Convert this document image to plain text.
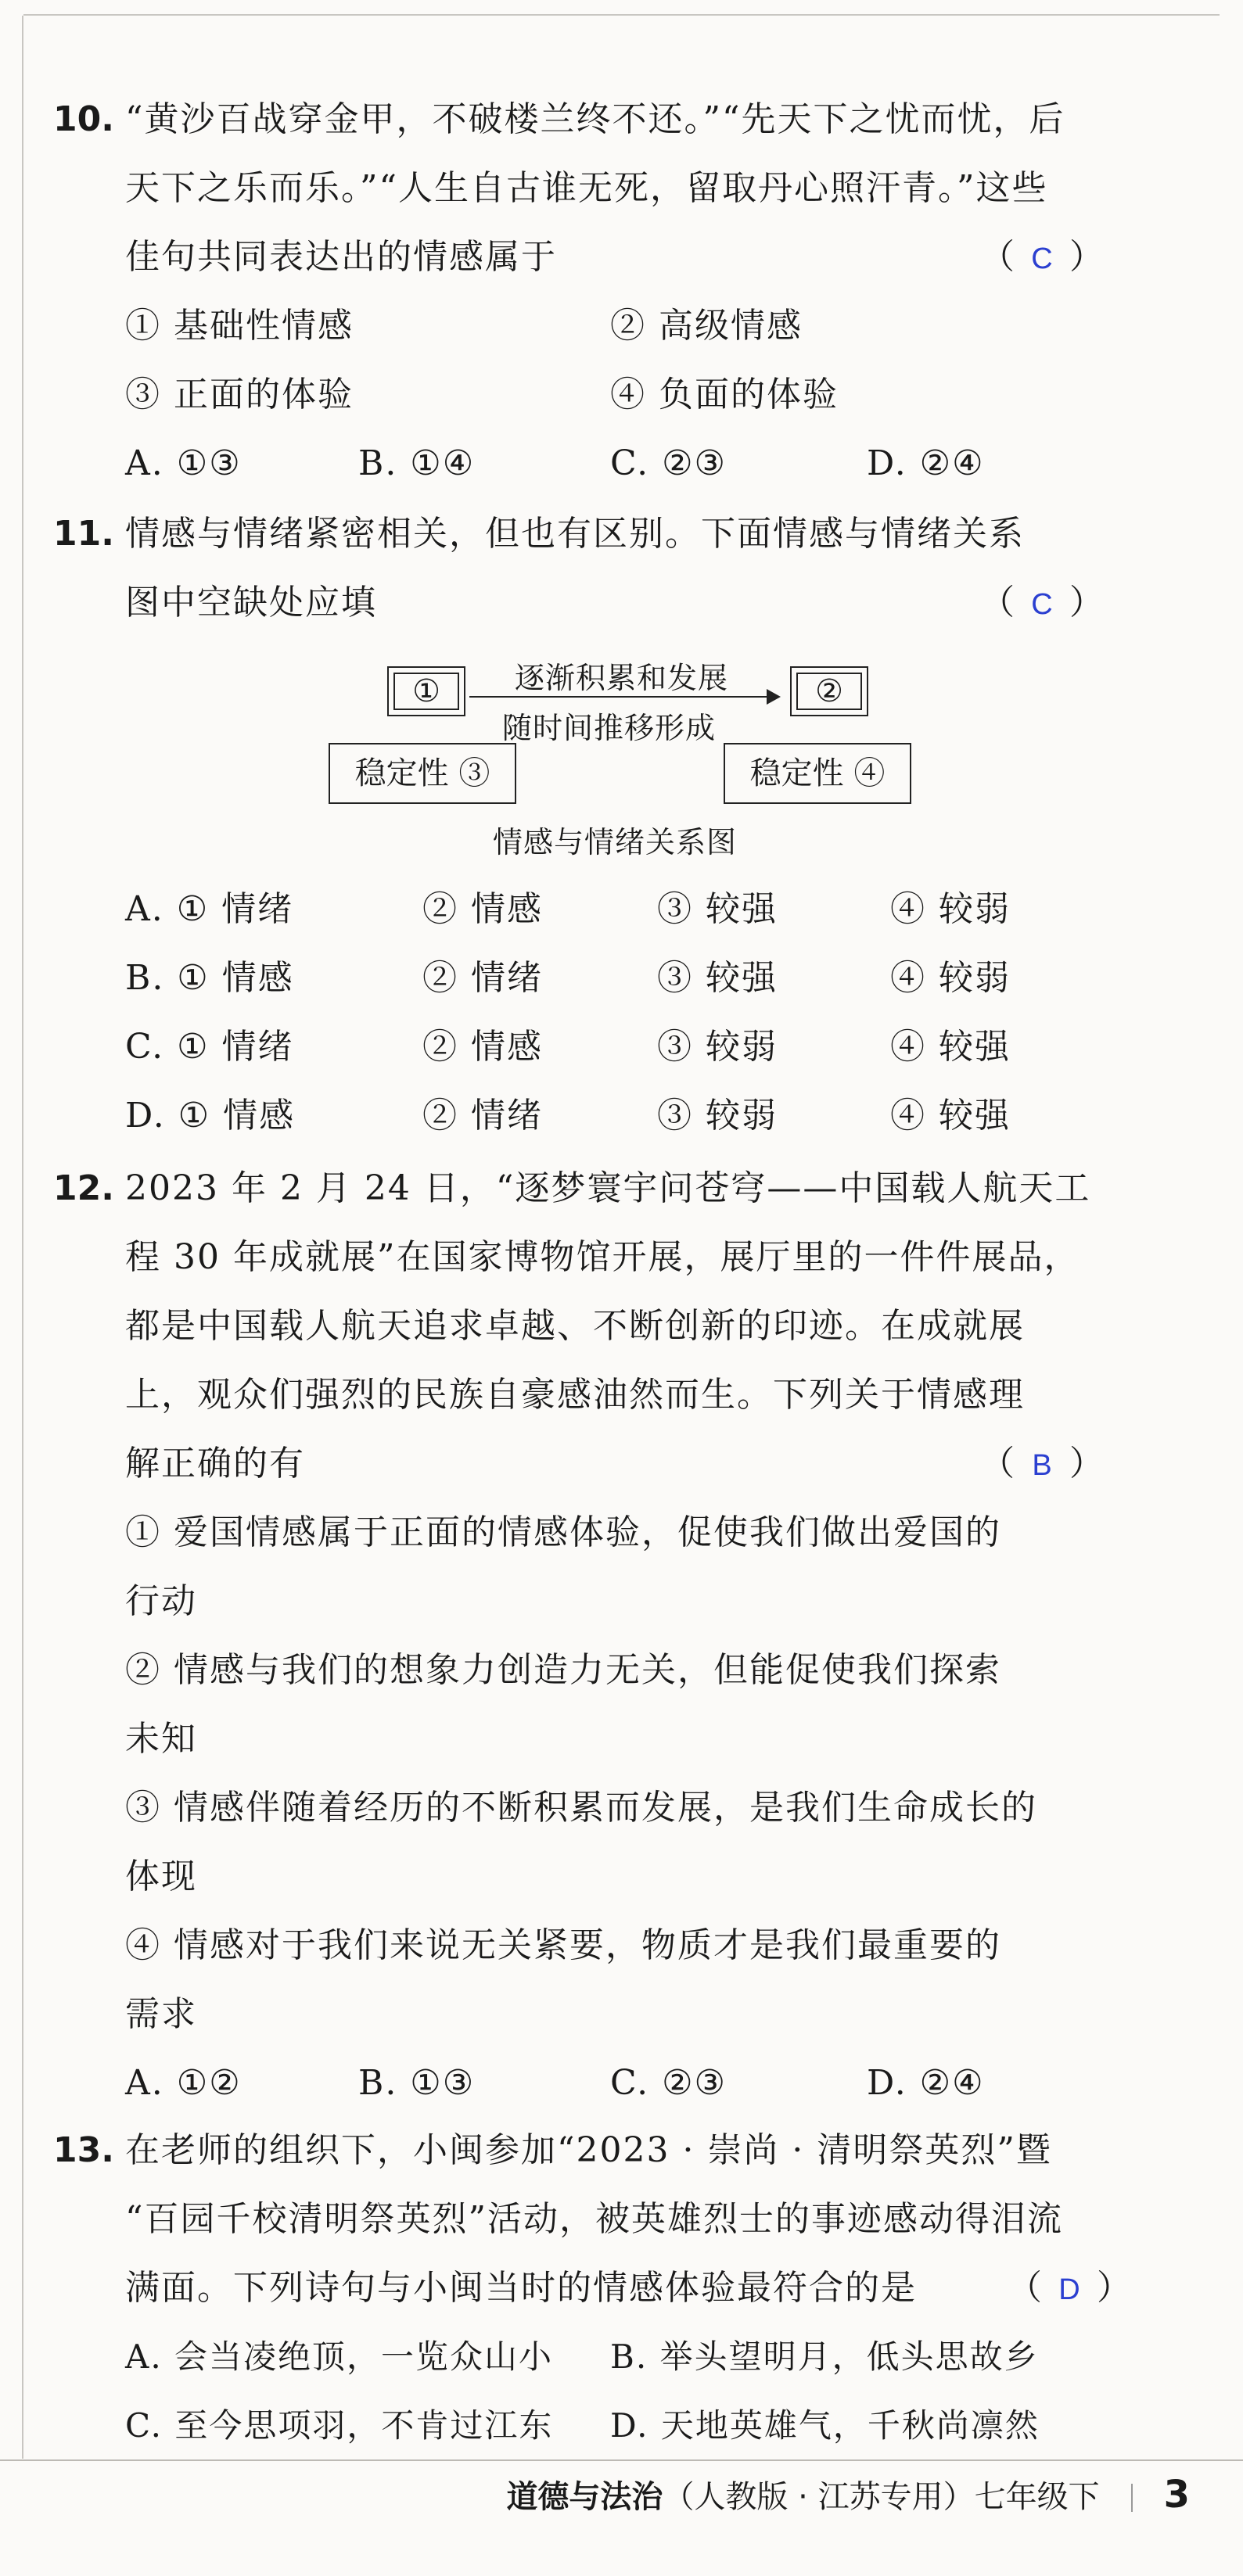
10. “黄沙百战穿金甲，不破楼兰终不还。”“先天下之忧而忧，后
天下之乐而乐。”“人生自古谁无死，留取丹心照汗青。”这些
佳句共同表达出的情感属于	（ C ）
① 基础性情感	② 高级情感
③ 正面的体验	④ 负面的体验
A. ①③	B. ①④	C. ②③	D. ②④
11. 情感与情绪紧密相关，但也有区别。下面情感与情绪关系
图中空缺处应填	（ C ）
①	逐渐积累和发展
随时间推移形成
②
稳定性 ③	稳定性 ④
情感与情绪关系图
A. ① 情绪	② 情感	③ 较强	④ 较弱
B. ① 情感	② 情绪	③ 较强	④ 较弱
C. ① 情绪	② 情感	③ 较弱	④ 较强
D. ① 情感	② 情绪	③ 较弱	④ 较强
12. 2023 年 2 月 24 日，“逐梦寰宇问苍穹——中国载人航天工
程 30 年成就展”在国家博物馆开展，展厅里的一件件展品，
都是中国载人航天追求卓越、不断创新的印迹。在成就展
上，观众们强烈的民族自豪感油然而生。下列关于情感理
解正确的有	（ B ）
① 爱国情感属于正面的情感体验，促使我们做出爱国的
行动
② 情感与我们的想象力创造力无关，但能促使我们探索
未知
③ 情感伴随着经历的不断积累而发展，是我们生命成长的
体现
④ 情感对于我们来说无关紧要，物质才是我们最重要的
需求
A. ①②	B. ①③	C. ②③	D. ②④
13. 在老师的组织下，小闽参加“2023 · 崇尚 · 清明祭英烈”暨
“百园千校清明祭英烈”活动，被英雄烈士的事迹感动得泪流
满面。下列诗句与小闽当时的情感体验最符合的是	（ D ）
A. 会当凌绝顶，一览众山小 B. 举头望明月，低头思故乡
C. 至今思项羽，不肯过江东 D. 天地英雄气，千秋尚凛然
道德与法治（人教版 · 江苏专用）七年级下 3
